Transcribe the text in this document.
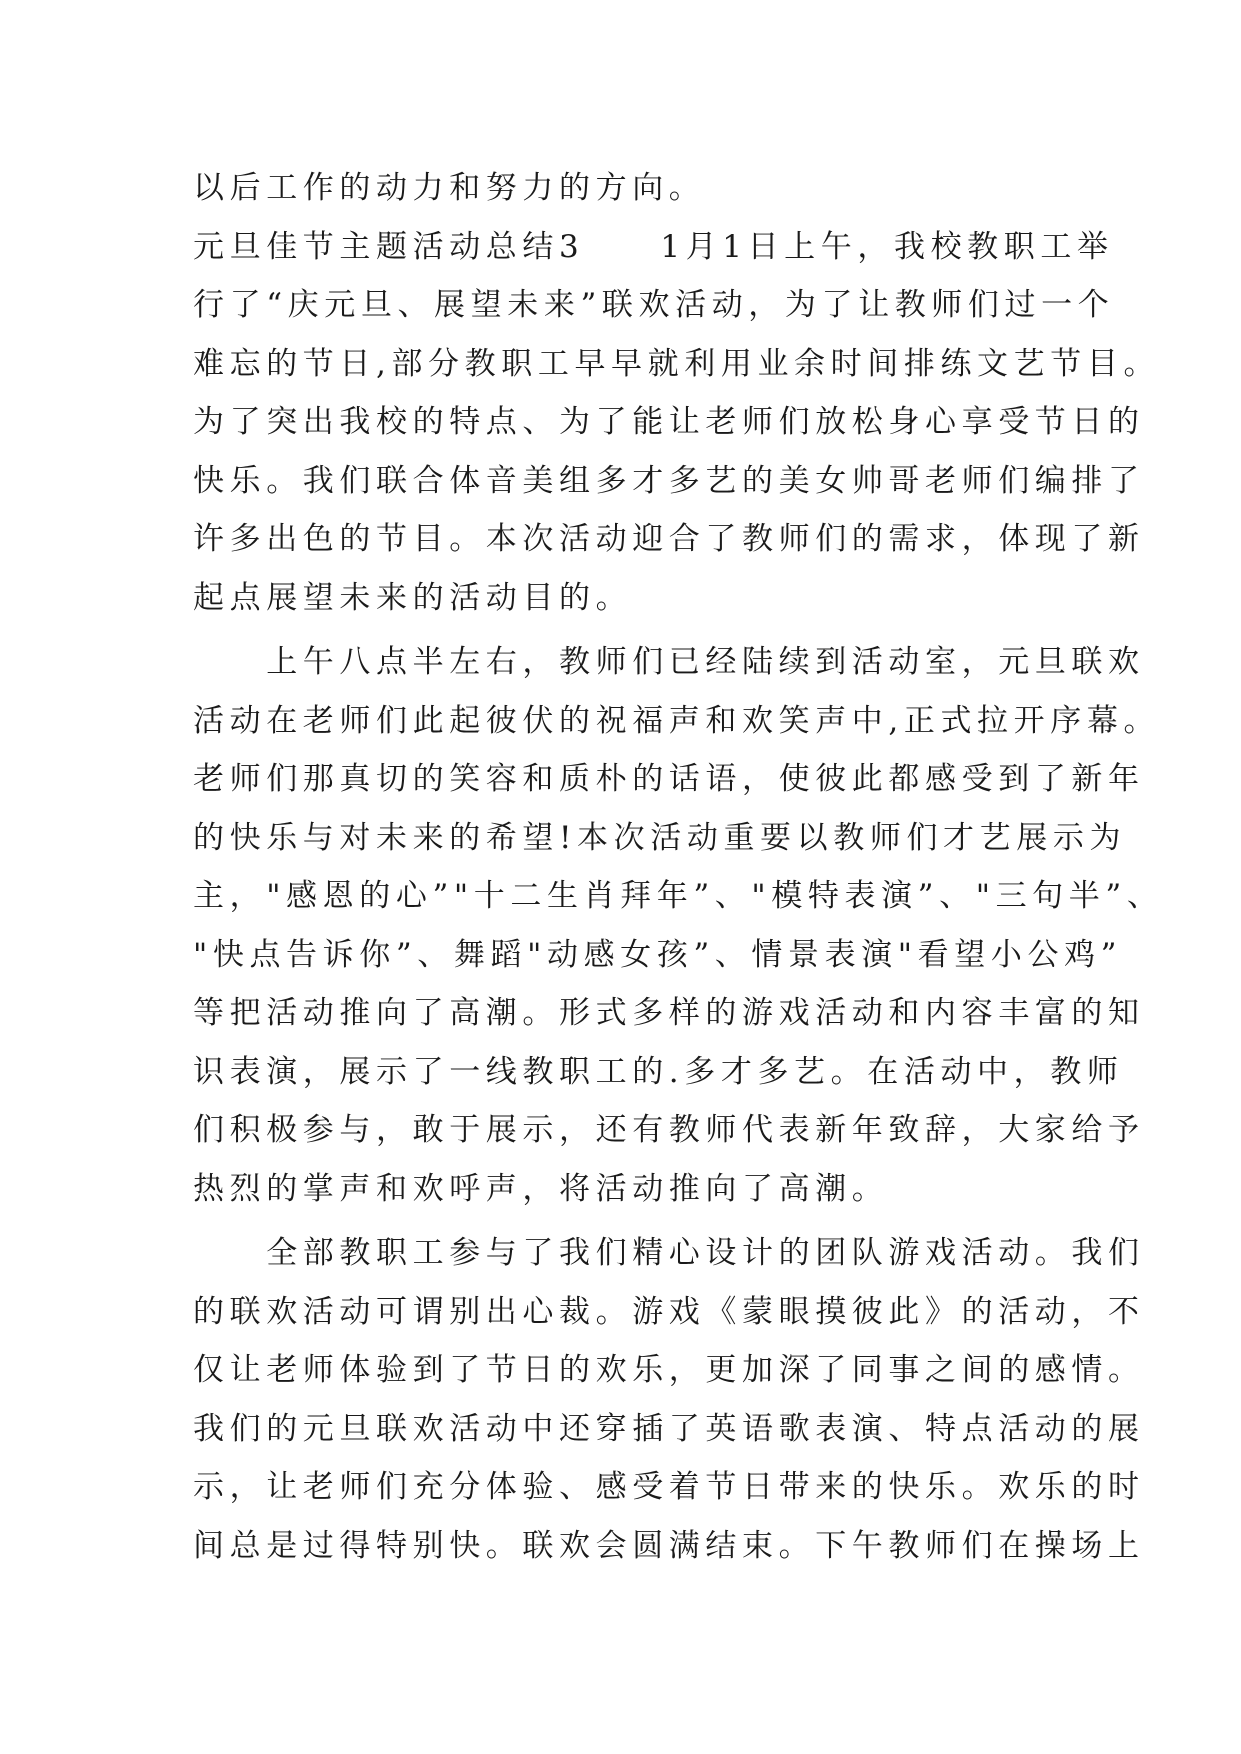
以后工作的动力和努力的方向。
元旦佳节主题活动总结3 1月1日上午，我校教职工举
行了“庆元旦、展望未来”联欢活动，为了让教师们过一个
难忘的节日,部分教职工早早就利用业余时间排练文艺节目。
为了突出我校的特点、为了能让老师们放松身心享受节日的
快乐。我们联合体音美组多才多艺的美女帅哥老师们编排了
许多出色的节目。本次活动迎合了教师们的需求，体现了新
起点展望未来的活动目的。
　　上午八点半左右，教师们已经陆续到活动室，元旦联欢
活动在老师们此起彼伏的祝福声和欢笑声中,正式拉开序幕。
老师们那真切的笑容和质朴的话语，使彼此都感受到了新年
的快乐与对未来的希望!本次活动重要以教师们才艺展示为
主，"感恩的心”"十二生肖拜年”、"模特表演”、"三句半”、
"快点告诉你”、舞蹈"动感女孩”、情景表演"看望小公鸡”
等把活动推向了高潮。形式多样的游戏活动和内容丰富的知
识表演，展示了一线教职工的.多才多艺。在活动中，教师
们积极参与，敢于展示，还有教师代表新年致辞，大家给予
热烈的掌声和欢呼声，将活动推向了高潮。
　　全部教职工参与了我们精心设计的团队游戏活动。我们
的联欢活动可谓别出心裁。游戏《蒙眼摸彼此》的活动，不
仅让老师体验到了节日的欢乐，更加深了同事之间的感情。
我们的元旦联欢活动中还穿插了英语歌表演、特点活动的展
示，让老师们充分体验、感受着节日带来的快乐。欢乐的时
间总是过得特别快。联欢会圆满结束。下午教师们在操场上
